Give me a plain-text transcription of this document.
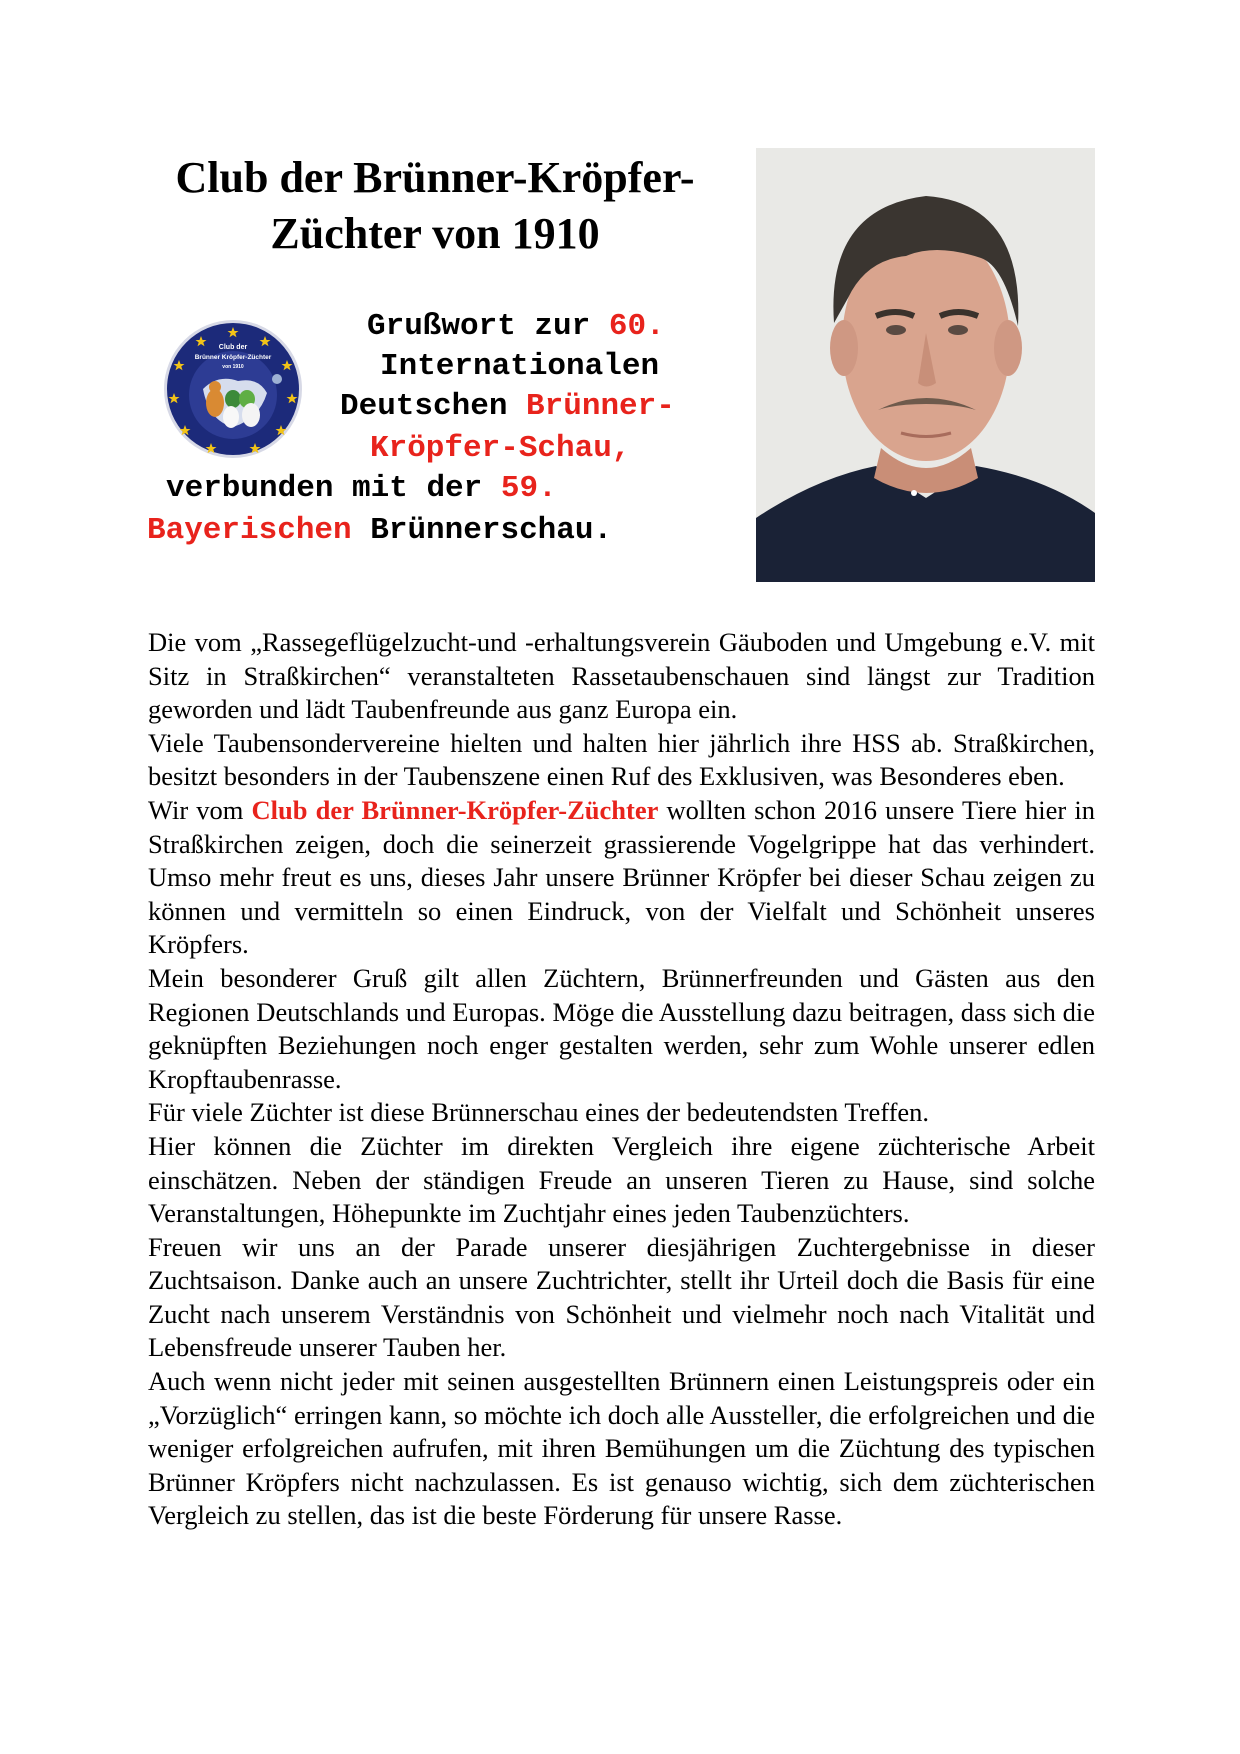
Club der Brünner-Kröpfer-
Züchter von 1910
Club der
Brünner Kröpfer-Züchter
von 1910
Grußwort zur 60.
Internationalen
Deutschen Brünner-
Kröpfer-Schau,
verbunden mit der 59.
Bayerischen Brünnerschau.

Die vom „Rassegeflügelzucht-und -erhaltungsverein Gäuboden und Umgebung e.V. mit Sitz in Straßkirchen“ veranstalteten Rassetaubenschauen sind längst zur Tradition geworden und lädt Taubenfreunde aus ganz Europa ein.

Viele Taubensondervereine hielten und halten hier jährlich ihre HSS ab. Straßkirchen, besitzt besonders in der Taubenszene einen Ruf des Exklusiven, was Besonderes eben.

Wir vom Club der Brünner-Kröpfer-Züchter wollten schon 2016 unsere Tiere hier in Straßkirchen zeigen, doch die seinerzeit grassierende Vogelgrippe hat das verhindert. Umso mehr freut es uns, dieses Jahr unsere Brünner Kröpfer bei dieser Schau zeigen zu können und vermitteln so einen Eindruck, von der Vielfalt und Schönheit unseres Kröpfers.

Mein besonderer Gruß gilt allen Züchtern, Brünnerfreunden und Gästen aus den Regionen Deutschlands und Europas. Möge die Ausstellung dazu beitragen, dass sich die geknüpften Beziehungen noch enger gestalten werden, sehr zum Wohle unserer edlen Kropftaubenrasse.

Für viele Züchter ist diese Brünnerschau eines der bedeutendsten Treffen.

Hier können die Züchter im direkten Vergleich ihre eigene züchterische Arbeit einschätzen. Neben der ständigen Freude an unseren Tieren zu Hause, sind solche Veranstaltungen, Höhepunkte im Zuchtjahr eines jeden Taubenzüchters.

Freuen wir uns an der Parade unserer diesjährigen Zuchtergebnisse in dieser Zuchtsaison. Danke auch an unsere Zuchtrichter, stellt ihr Urteil doch die Basis für eine Zucht nach unserem Verständnis von Schönheit und vielmehr noch nach Vitalität und Lebensfreude unserer Tauben her.

Auch wenn nicht jeder mit seinen ausgestellten Brünnern einen Leistungspreis oder ein „Vorzüglich“ erringen kann, so möchte ich doch alle Aussteller, die erfolgreichen und die weniger erfolgreichen aufrufen, mit ihren Bemühungen um die Züchtung des typischen Brünner Kröpfers nicht nachzulassen. Es ist genauso wichtig, sich dem züchterischen Vergleich zu stellen, das ist die beste Förderung für unsere Rasse.
